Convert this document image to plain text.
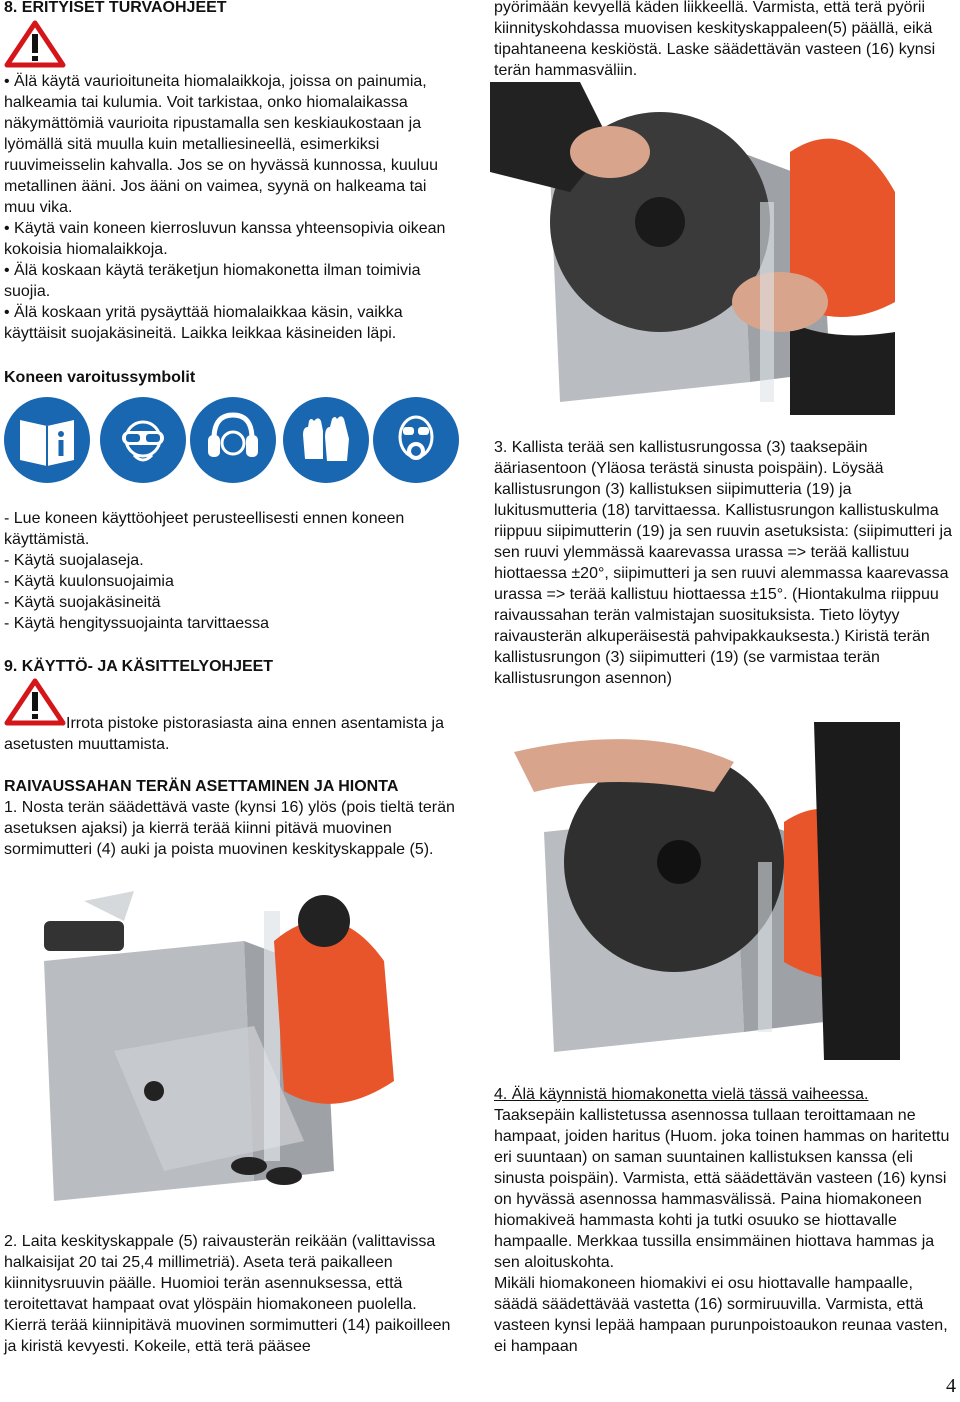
8. ERITYISET TURVAOHJEET

• Älä käytä vaurioituneita hiomalaikkoja, joissa on painumia, halkeamia tai kulumia. Voit tarkistaa, onko hiomalaikassa näkymättömiä vaurioita ripustamalla sen keskiaukostaan ja lyömällä sitä muulla kuin metalliesineellä, esimerkiksi ruuvimeisselin kahvalla. Jos se on hyvässä kunnossa, kuuluu metallinen ääni. Jos ääni on vaimea, syynä on halkeama tai muu vika.

• Käytä vain koneen kierrosluvun kanssa yhteensopivia oikean kokoisia hiomalaikkoja.

• Älä koskaan käytä teräketjun hiomakonetta ilman toimivia suojia.

• Älä koskaan yritä pysäyttää hiomalaikkaa käsin, vaikka käyttäisit suojakäsineitä. Laikka leikkaa käsineiden läpi.

Koneen varoitussymbolit

- Lue koneen käyttöohjeet perusteellisesti ennen koneen käyttämistä.

- Käytä suojalaseja.

- Käytä kuulonsuojaimia

- Käytä suojakäsineitä

- Käytä hengityssuojainta tarvittaessa

9. KÄYTTÖ- JA KÄSITTELYOHJEET
Irrota pistoke pistorasiasta aina ennen asentamista ja asetusten muuttamista.
RAIVAUSSAHAN TERÄN ASETTAMINEN JA HIONTA
1. Nosta terän säädettävä vaste (kynsi 16) ylös (pois tieltä terän asetuksen ajaksi) ja kierrä terää kiinni pitävä muovinen sormimutteri (4) auki ja poista muovinen keskityskappale (5).

2. Laita keskityskappale (5) raivausterän reikään (valittavissa halkaisijat 20 tai 25,4 millimetriä). Aseta terä paikalleen kiinnitysruuvin päälle. Huomioi terän asennuksessa, että teroitettavat hampaat ovat ylöspäin hiomakoneen puolella.

Kierrä terää kiinnipitävä muovinen sormimutteri (14) paikoilleen ja kiristä kevyesti. Kokeile, että terä pääsee

pyörimään kevyellä käden liikkeellä. Varmista, että terä pyörii kiinnityskohdassa muovisen keskityskappaleen(5) päällä, eikä tipahtaneena keskiöstä. Laske säädettävän vasteen (16) kynsi terän hammasväliin.
3. Kallista terää sen kallistusrungossa (3) taaksepäin ääriasentoon (Yläosa terästä sinusta poispäin). Löysää kallistusrungon (3) kallistuksen siipimutteria (19) ja lukitusmutteria (18) tarvittaessa. Kallistusrungon kallistuskulma riippuu siipimutterin (19) ja sen ruuvin asetuksista: (siipimutteri ja sen ruuvi ylemmässä kaarevassa urassa => terää kallistuu hiottaessa ±20°, siipimutteri ja sen ruuvi alemmassa kaarevassa urassa => terää kallistuu hiottaessa ±15°. (Hiontakulma riippuu raivaussahan terän valmistajan suosituksista. Tieto löytyy raivausterän alkuperäisestä pahvipakkauksesta.) Kiristä terän kallistusrungon (3) siipimutteri (19) (se varmistaa terän kallistusrungon asennon)

4. Älä käynnistä hiomakonetta vielä tässä vaiheessa.

Taaksepäin kallistetussa asennossa tullaan teroittamaan ne hampaat, joiden haritus (Huom. joka toinen hammas on haritettu eri suuntaan) on saman suuntainen kallistuksen kanssa (eli sinusta poispäin). Varmista, että säädettävän vasteen (16) kynsi on hyvässä asennossa hammasvälissä. Paina hiomakoneen hiomakiveä hammasta kohti ja tutki osuuko se hiottavalle hampaalle. Merkkaa tussilla ensimmäinen hiottava hammas ja sen aloituskohta.

Mikäli hiomakoneen hiomakivi ei osu hiottavalle hampaalle, säädä säädettävää vastetta (16) sormiruuvilla. Varmista, että vasteen kynsi lepää hampaan purunpoistoaukon reunaa vasten, ei hampaan

4
